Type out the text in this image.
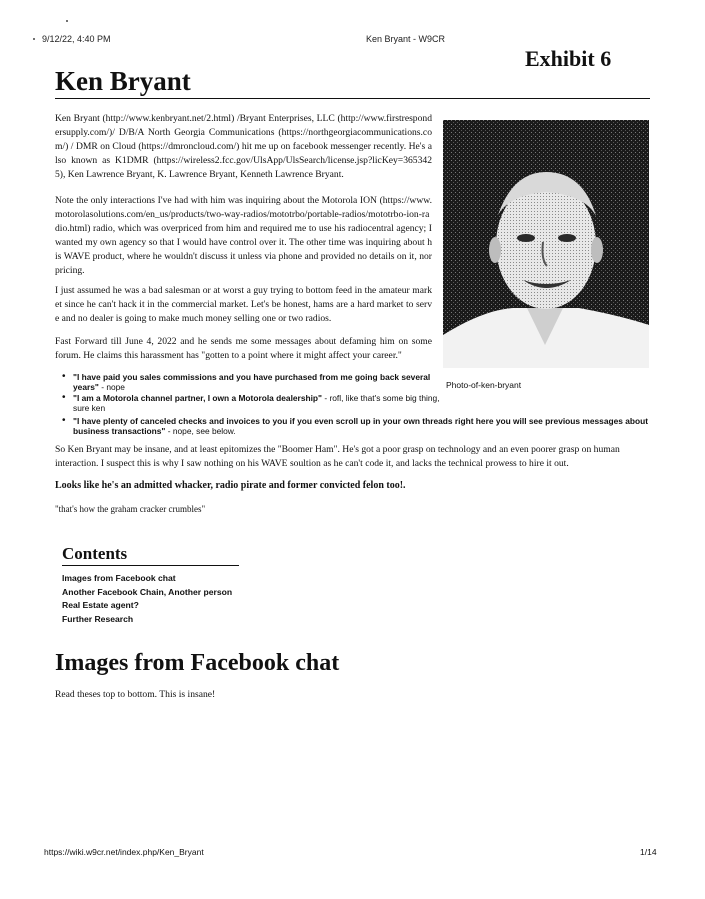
9/12/22, 4:40 PM	Ken Bryant - W9CR
Exhibit 6
Ken Bryant

Ken Bryant (http://www.kenbryant.net/2.html) /Bryant Enterprises, LLC (http://www.firstrespondersupply.com/)/ D/B/A North Georgia Communications (https://northgeorgiacommunications.com/) / DMR on Cloud (https://dmroncloud.com/) hit me up on facebook messenger recently. He's also known as K1DMR (https://wireless2.fcc.gov/UlsApp/UlsSearch/license.jsp?licKey=3653425), Ken Lawrence Bryant, K. Lawrence Bryant, Kenneth Lawrence Bryant.

Note the only interactions I've had with him was inquiring about the Motorola ION (https://www.motorolasolutions.com/en_us/products/two-way-radios/mototrbo/portable-radios/mototrbo-ion-radio.html) radio, which was overpriced from him and required me to use his radiocentral agency; I wanted my own agency so that I would have control over it. The other time was inquiring about his WAVE product, where he wouldn't discuss it unless via phone and provided no details on it, nor pricing.

I just assumed he was a bad salesman or at worst a guy trying to bottom feed in the amateur market since he can't hack it in the commercial market. Let's be honest, hams are a hard market to serve and no dealer is going to make much money selling one or two radios.

Fast Forward till June 4, 2022 and he sends me some messages about defaming him on some forum. He claims this harassment has "gotten to a point where it might affect your career."

Photo-of-ken-bryant
• "I have paid you sales commissions and you have purchased from me going back several years" - nope
• "I am a Motorola channel partner, I own a Motorola dealership" - rofl, like that's some big thing, sure ken
• "I have plenty of canceled checks and invoices to you if you even scroll up in your own threads right here you will see previous messages about business transactions" - nope, see below.

So Ken Bryant may be insane, and at least epitomizes the "Boomer Ham". He's got a poor grasp on technology and an even poorer grasp on human interaction. I suspect this is why I saw nothing on his WAVE soultion as he can't code it, and lacks the technical prowess to hire it out.

Looks like he's an admitted whacker, radio pirate and former convicted felon too!.

"that's how the graham cracker crumbles"

Contents
Images from Facebook chat
Another Facebook Chain, Another person
Real Estate agent?
Further Research
Images from Facebook chat

Read theses top to bottom. This is insane!

https://wiki.w9cr.net/index.php/Ken_Bryant	1/14
